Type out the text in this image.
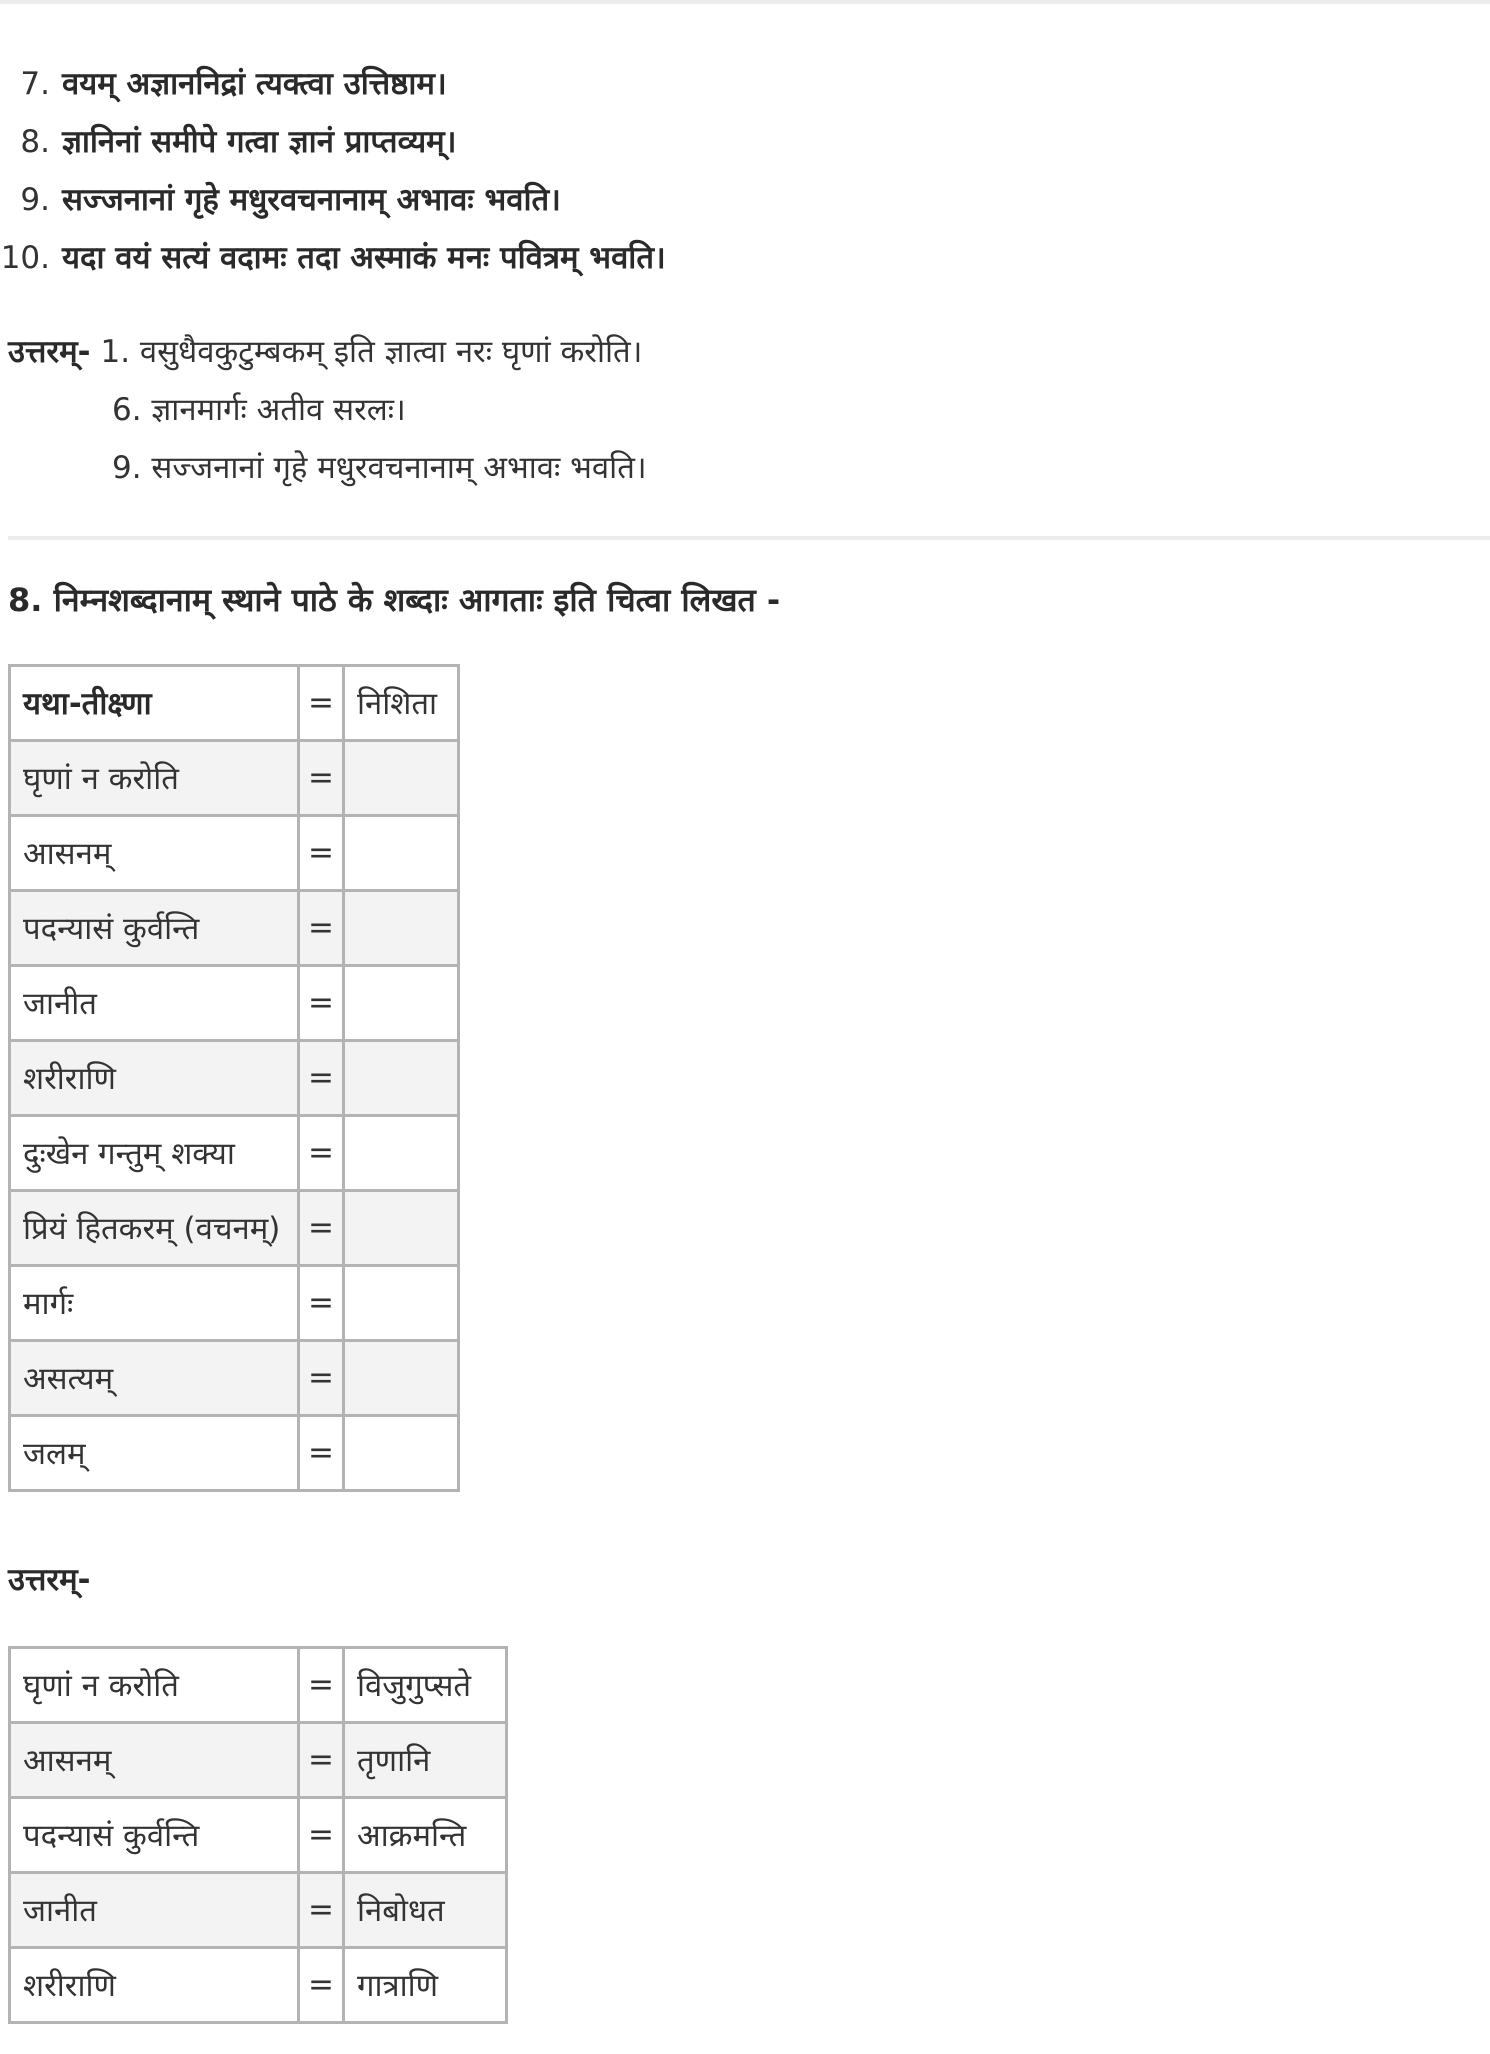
7. वयम् अज्ञाननिद्रां त्यक्त्वा उत्तिष्ठाम।
8. ज्ञानिनां समीपे गत्वा ज्ञानं प्राप्तव्यम्।
9. सज्जनानां गृहे मधुरवचनानाम् अभावः भवति।
10. यदा वयं सत्यं वदामः तदा अस्माकं मनः पवित्रम् भवति।
उत्तरम्- 1. वसुधैवकुटुम्बकम् इति ज्ञात्वा नरः घृणां करोति।
6. ज्ञानमार्गः अतीव सरलः।
9. सज्जनानां गृहे मधुरवचनानाम् अभावः भवति।
8. निम्नशब्दानाम् स्थाने पाठे के शब्दाः आगताः इति चित्वा लिखत -
यथा-तीक्ष्णा	=	निशिता
घृणां न करोति	=	
आसनम्	=	
पदन्यासं कुर्वन्ति	=	
जानीत	=	
शरीराणि	=	
दुःखेन गन्तुम् शक्या	=	
प्रियं हितकरम् (वचनम्)	=	
मार्गः	=	
असत्यम्	=	
जलम्	=	
उत्तरम्-
घृणां न करोति	=	विजुगुप्सते
आसनम्	=	तृणानि
पदन्यासं कुर्वन्ति	=	आक्रमन्ति
जानीत	=	निबोधत
शरीराणि	=	गात्राणि
